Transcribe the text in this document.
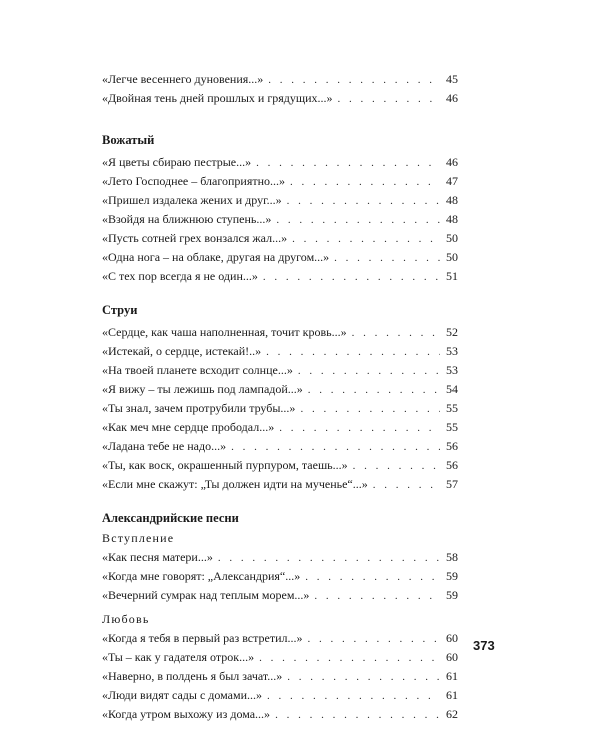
«Легче весеннего дуновения...» . . .	45
«Двойная тень дней прошлых и грядущих...» . . .	46
Вожатый
«Я цветы сбираю пестрые...» . . .	46
«Лето Господнее – благоприятно...» . . .	47
«Пришел издалека жених и друг...» . . .	48
«Взойдя на ближнюю ступень...» . . .	48
«Пусть сотней грех вонзался жал...» . . .	50
«Одна нога – на облаке, другая на другом...» . . .	50
«С тех пор всегда я не один...» . . .	51
Струи
«Сердце, как чаша наполненная, точит кровь...» . . .	52
«Истекай, о сердце, истекай!..» . . .	53
«На твоей планете всходит солнце...» . . .	53
«Я вижу – ты лежишь под лампадой...» . . .	54
«Ты знал, зачем протрубили трубы...» . . .	55
«Как меч мне сердце прободал...» . . .	55
«Ладана тебе не надо...» . . .	56
«Ты, как воск, окрашенный пурпуром, таешь...» . . .	56
«Если мне скажут: „Ты должен идти на мученье“...» . . .	57
Александрийские песни
Вступление
«Как песня матери...» . . .	58
«Когда мне говорят: „Александрия“...» . . .	59
«Вечерний сумрак над теплым морем...» . . .	59
Любовь
«Когда я тебя в первый раз встретил...» . . .	60
«Ты – как у гадателя отрок...» . . .	60
«Наверно, в полдень я был зачат...» . . .	61
«Люди видят сады с домами...» . . .	61
«Когда утром выхожу из дома...» . . .	62
373
